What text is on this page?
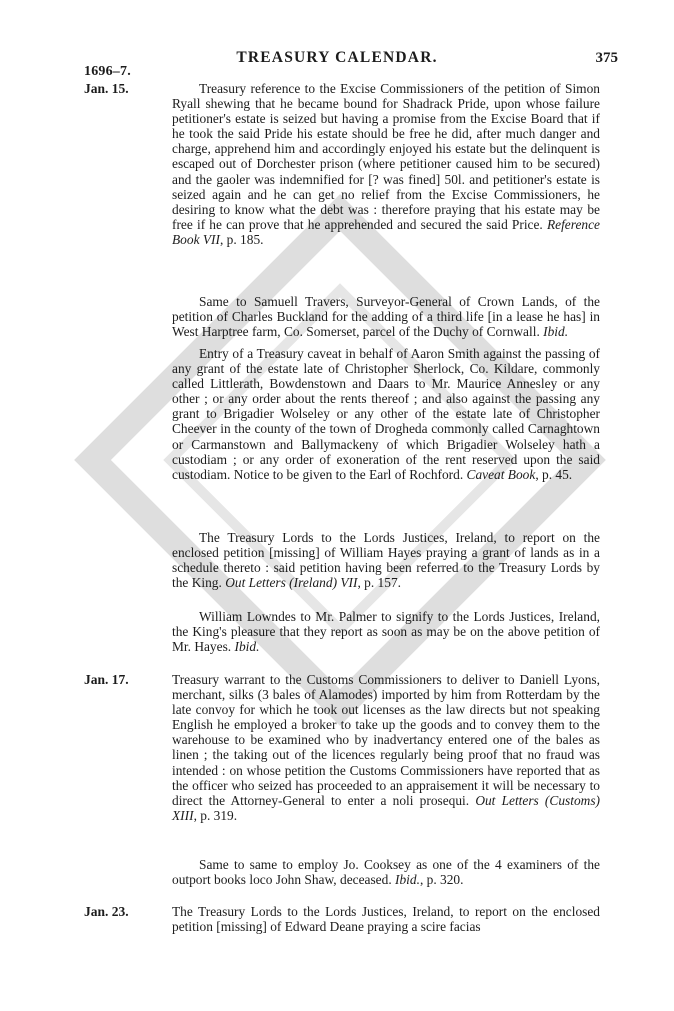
1696–7.
TREASURY CALENDAR.	375
Jan. 15.	Treasury reference to the Excise Commissioners of the petition of Simon Ryall shewing that he became bound for Shadrack Pride, upon whose failure petitioner's estate is seized but having a promise from the Excise Board that if he took the said Pride his estate should be free he did, after much danger and charge, apprehend him and accordingly enjoyed his estate but the delinquent is escaped out of Dorchester prison (where petitioner caused him to be secured) and the gaoler was indemnified for [? was fined] 50l. and petitioner's estate is seized again and he can get no relief from the Excise Commissioners, he desiring to know what the debt was : therefore praying that his estate may be free if he can prove that he apprehended and secured the said Price. Reference Book VII, p. 185.

Same to Samuell Travers, Surveyor-General of Crown Lands, of the petition of Charles Buckland for the adding of a third life [in a lease he has] in West Harptree farm, Co. Somerset, parcel of the Duchy of Cornwall. Ibid.

Entry of a Treasury caveat in behalf of Aaron Smith against the passing of any grant of the estate late of Christopher Sherlock, Co. Kildare, commonly called Littlerath, Bowdenstown and Daars to Mr. Maurice Annesley or any other ; or any order about the rents thereof ; and also against the passing any grant to Brigadier Wolseley or any other of the estate late of Christopher Cheever in the county of the town of Drogheda commonly called Carnaghtown or Carmanstown and Ballymackeny of which Brigadier Wolseley hath a custodiam ; or any order of exoneration of the rent reserved upon the said custodiam. Notice to be given to the Earl of Rochford. Caveat Book, p. 45.

The Treasury Lords to the Lords Justices, Ireland, to report on the enclosed petition [missing] of William Hayes praying a grant of lands as in a schedule thereto : said petition having been referred to the Treasury Lords by the King. Out Letters (Ireland) VII, p. 157.

William Lowndes to Mr. Palmer to signify to the Lords Justices, Ireland, the King's pleasure that they report as soon as may be on the above petition of Mr. Hayes. Ibid.

Jan. 17.	Treasury warrant to the Customs Commissioners to deliver to Daniell Lyons, merchant, silks (3 bales of Alamodes) imported by him from Rotterdam by the late convoy for which he took out licenses as the law directs but not speaking English he employed a broker to take up the goods and to convey them to the warehouse to be examined who by inadvertancy entered one of the bales as linen ; the taking out of the licences regularly being proof that no fraud was intended : on whose petition the Customs Commissioners have reported that as the officer who seized has proceeded to an appraisement it will be necessary to direct the Attorney-General to enter a noli prosequi. Out Letters (Customs) XIII, p. 319.

Same to same to employ Jo. Cooksey as one of the 4 examiners of the outport books loco John Shaw, deceased. Ibid., p. 320.

Jan. 23.	The Treasury Lords to the Lords Justices, Ireland, to report on the enclosed petition [missing] of Edward Deane praying a scire facias
